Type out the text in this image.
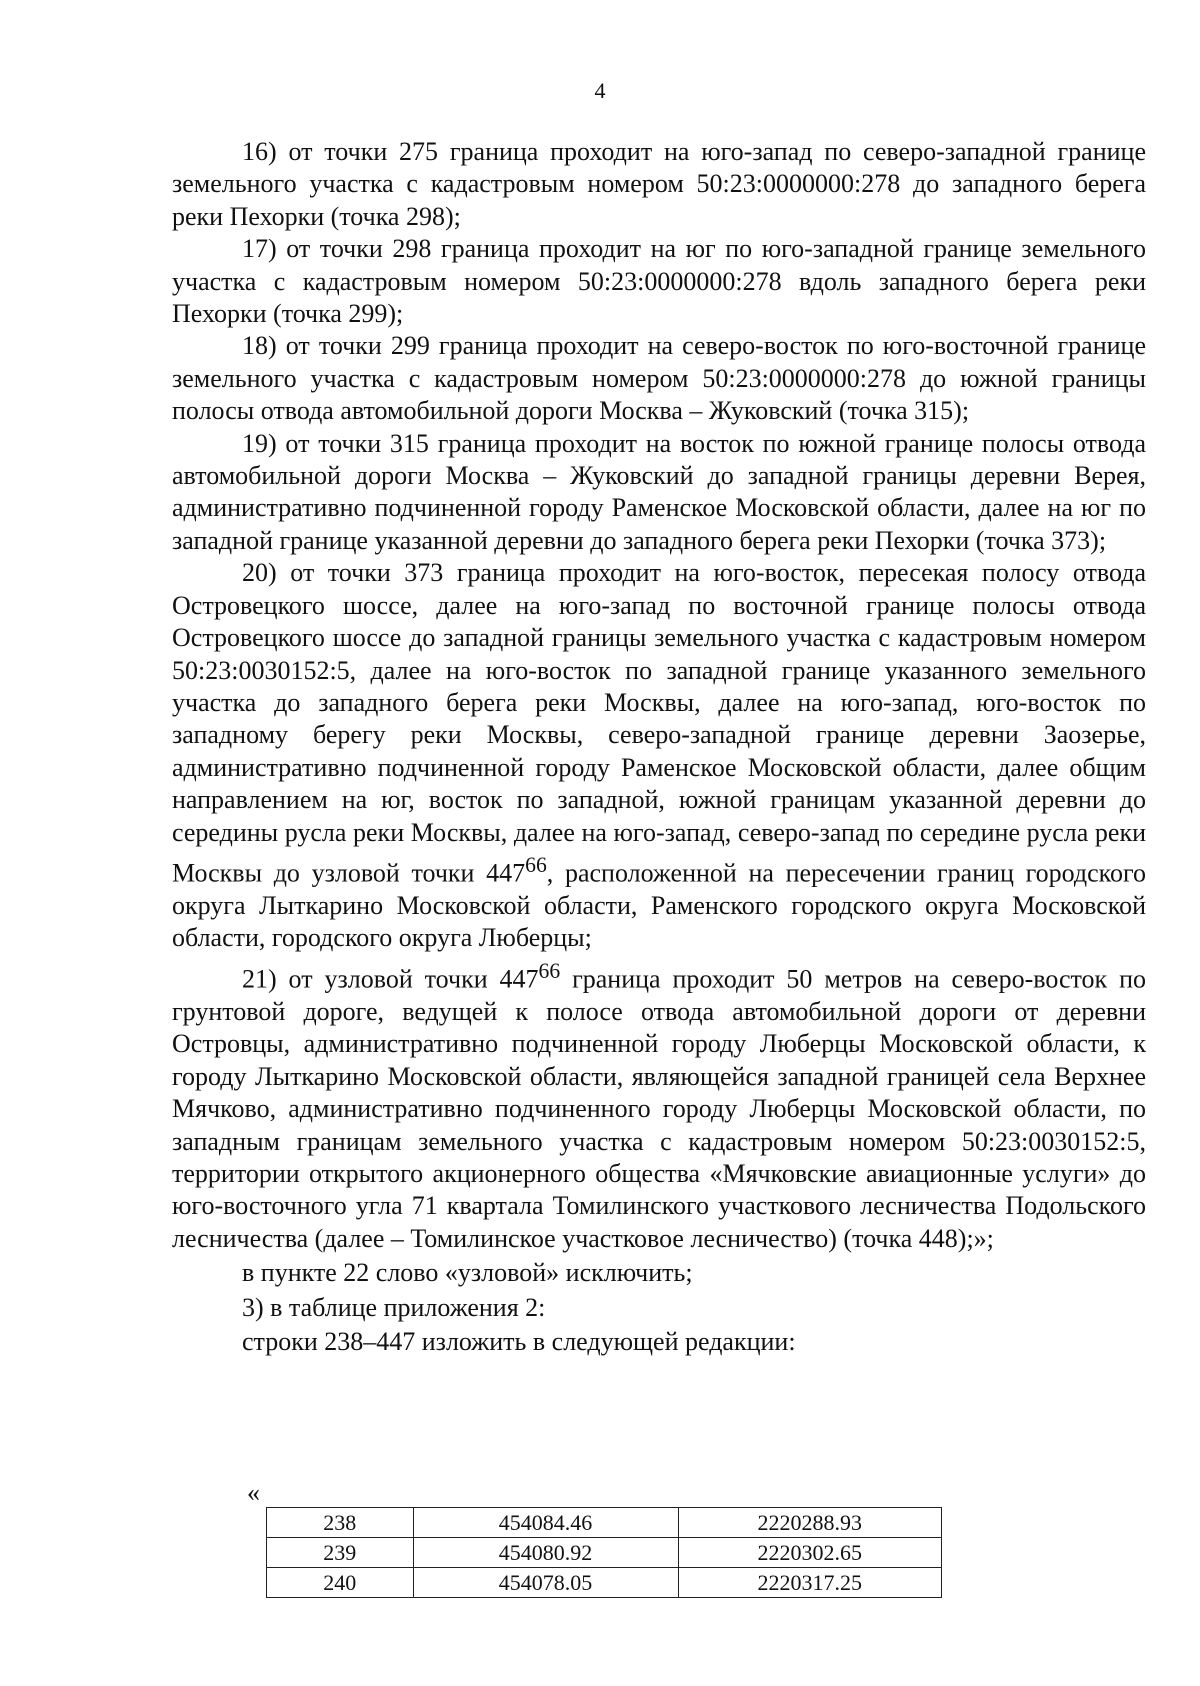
4

16) от точки 275 граница проходит на юго-запад по северо-западной границе земельного участка с кадастровым номером 50:23:0000000:278 до западного берега реки Пехорки (точка 298);

17) от точки 298 граница проходит на юг по юго-западной границе земельного участка с кадастровым номером 50:23:0000000:278 вдоль западного берега реки Пехорки (точка 299);

18) от точки 299 граница проходит на северо-восток по юго-восточной границе земельного участка с кадастровым номером 50:23:0000000:278 до южной границы полосы отвода автомобильной дороги Москва – Жуковский (точка 315);

19) от точки 315 граница проходит на восток по южной границе полосы отвода автомобильной дороги Москва – Жуковский до западной границы деревни Верея, административно подчиненной городу Раменское Московской области, далее на юг по западной границе указанной деревни до западного берега реки Пехорки (точка 373);

20) от точки 373 граница проходит на юго-восток, пересекая полосу отвода Островецкого шоссе, далее на юго-запад по восточной границе полосы отвода Островецкого шоссе до западной границы земельного участка с кадастровым номером 50:23:0030152:5, далее на юго-восток по западной границе указанного земельного участка до западного берега реки Москвы, далее на юго-запад, юго-восток по западному берегу реки Москвы, северо-западной границе деревни Заозерье, административно подчиненной городу Раменское Московской области, далее общим направлением на юг, восток по западной, южной границам указанной деревни до середины русла реки Москвы, далее на юго-запад, северо-запад по середине русла реки Москвы до узловой точки $447^{66}$, расположенной на пересечении границ городского округа Лыткарино Московской области, Раменского городского округа Московской области, городского округа Люберцы;

21) от узловой точки $447^{66}$ граница проходит 50 метров на северо-восток по грунтовой дороге, ведущей к полосе отвода автомобильной дороги от деревни Островцы, административно подчиненной городу Люберцы Московской области, к городу Лыткарино Московской области, являющейся западной границей села Верхнее Мячково, административно подчиненного городу Люберцы Московской области, по западным границам земельного участка с кадастровым номером 50:23:0030152:5, территории открытого акционерного общества «Мячковские авиационные услуги» до юго-восточного угла 71 квартала Томилинского участкового лесничества Подольского лесничества (далее – Томилинское участковое лесничество) (точка 448);»;

в пункте 22 слово «узловой» исключить;

3) в таблице приложения 2:

строки 238–447 изложить в следующей редакции:

«
238	454084.46	2220288.93
239	454080.92	2220302.65
240	454078.05	2220317.25
